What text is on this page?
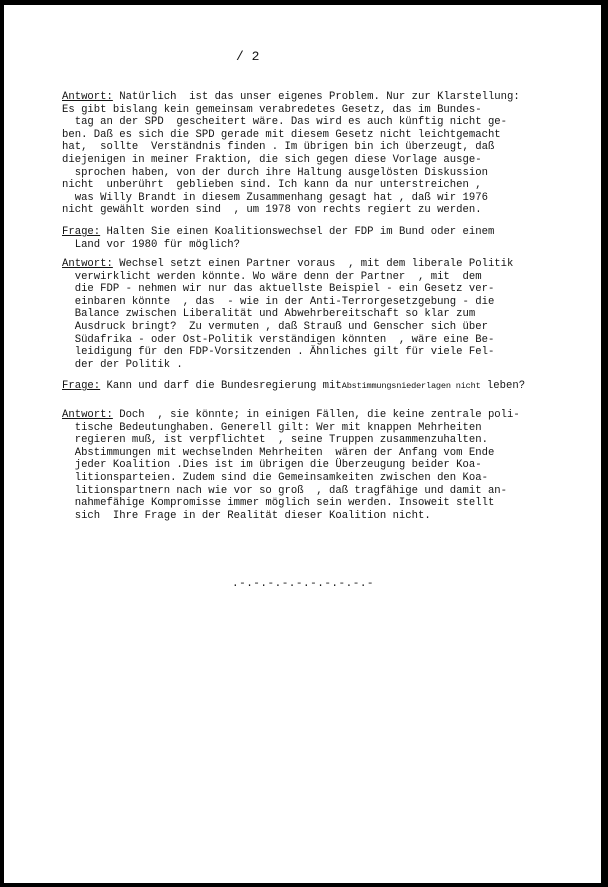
/ 2
Antwort: Natürlich  ist das unser eigenes Problem. Nur zur Klarstellung:
Es gibt bislang kein gemeinsam verabredetes Gesetz, das im Bundes-
tag an der SPD  gescheitert wäre. Das wird es auch künftig nicht ge-
ben. Daß es sich die SPD gerade mit diesem Gesetz nicht leichtgemacht
hat,  sollte  Verständnis finden . Im übrigen bin ich überzeugt, daß
diejenigen in meiner Fraktion, die sich gegen diese Vorlage ausge-
sprochen haben, von der durch ihre Haltung ausgelösten Diskussion
nicht  unberührt  geblieben sind. Ich kann da nur unterstreichen ,
was Willy Brandt in diesem Zusammenhang gesagt hat , daß wir 1976
nicht gewählt worden sind  , um 1978 von rechts regiert zu werden.
Frage: Halten Sie einen Koalitionswechsel der FDP im Bund oder einem
Land vor 1980 für möglich?
Antwort: Wechsel setzt einen Partner voraus  , mit dem liberale Politik
verwirklicht werden könnte. Wo wäre denn der Partner  , mit  dem
die FDP - nehmen wir nur das aktuellste Beispiel - ein Gesetz ver-
einbaren könnte  , das  - wie in der Anti-Terrorgesetzgebung - die
Balance zwischen Liberalität und Abwehrbereitschaft so klar zum
Ausdruck bringt?  Zu vermuten , daß Strauß und Genscher sich über
Südafrika - oder Ost-Politik verständigen könnten  , wäre eine Be-
leidigung für den FDP-Vorsitzenden . Ähnliches gilt für viele Fel-
der der Politik .
Frage: Kann und darf die Bundesregierung mitAbstimmungsniederlagen nicht leben?
Antwort: Doch  , sie könnte; in einigen Fällen, die keine zentrale poli-
tische Bedeutunghaben. Generell gilt: Wer mit knappen Mehrheiten
regieren muß, ist verpflichtet  , seine Truppen zusammenzuhalten.
Abstimmungen mit wechselnden Mehrheiten  wären der Anfang vom Ende
jeder Koalition .Dies ist im übrigen die Überzeugung beider Koa-
litionsparteien. Zudem sind die Gemeinsamkeiten zwischen den Koa-
litionspartnern nach wie vor so groß  , daß tragfähige und damit an-
nahmefähige Kompromisse immer möglich sein werden. Insoweit stellt
sich  Ihre Frage in der Realität dieser Koalition nicht.
.-.-.-.-.-.-.-.-.-.-
